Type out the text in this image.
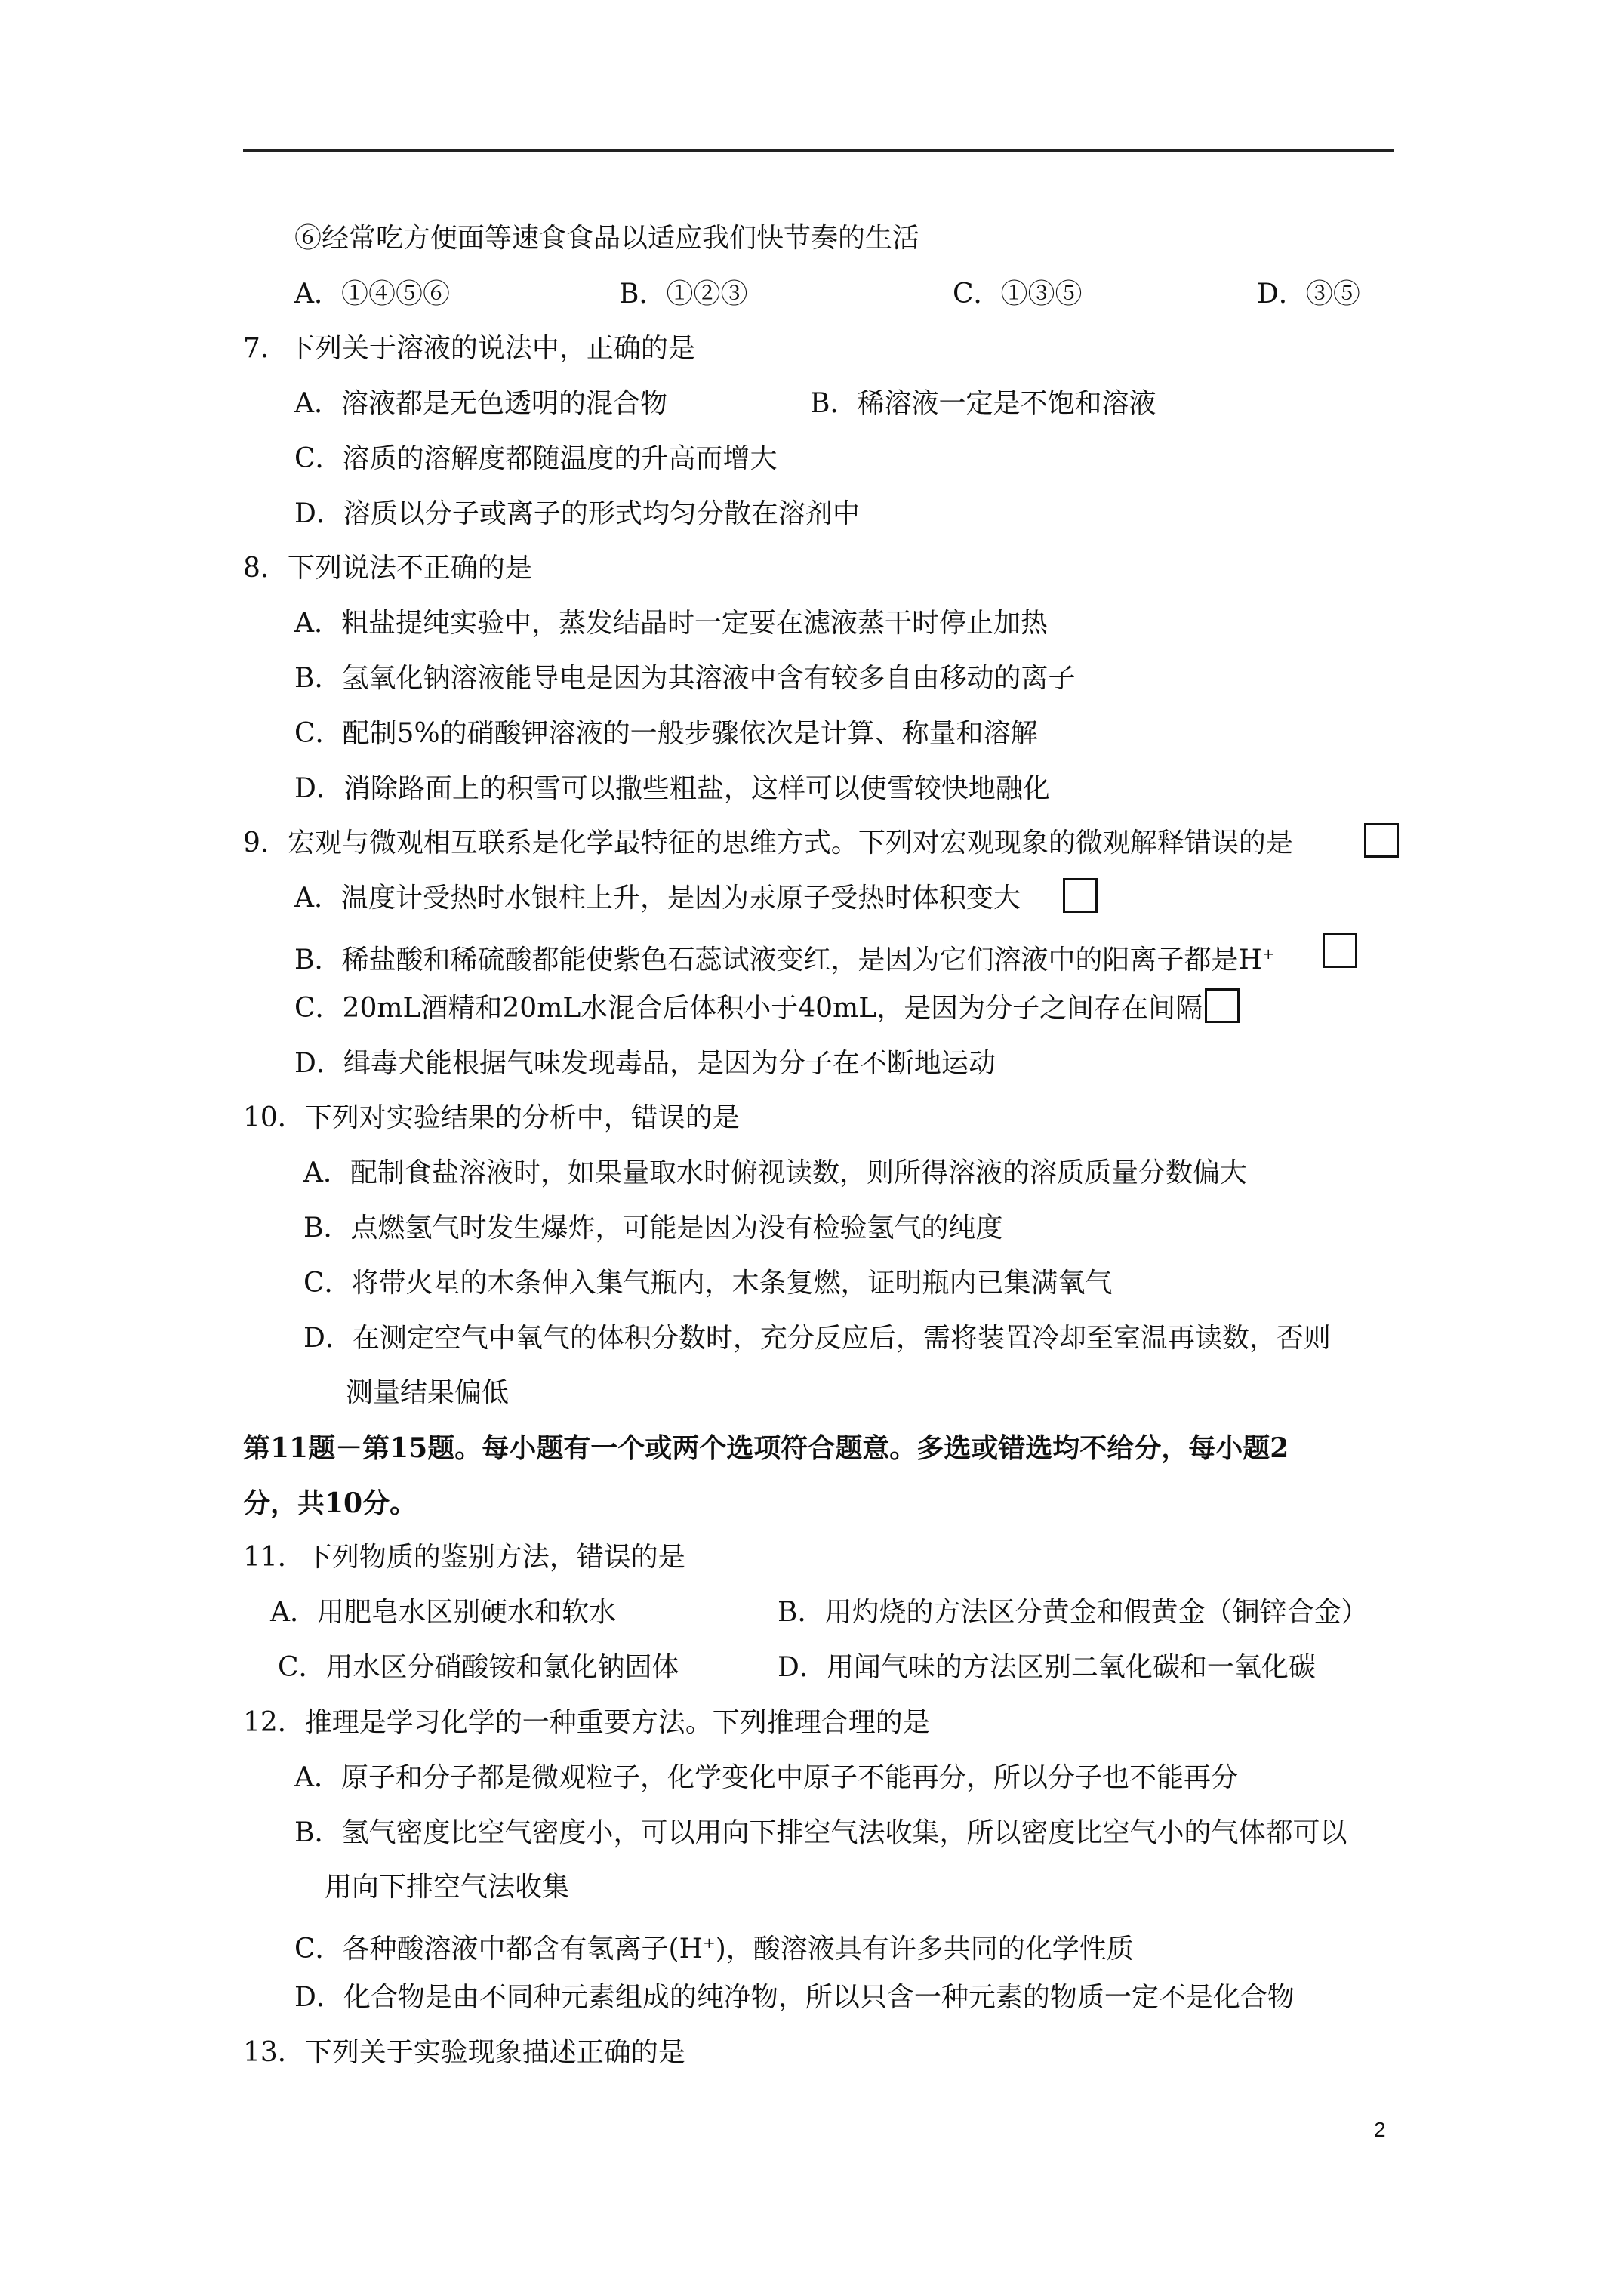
⑥经常吃方便面等速食食品以适应我们快节奏的生活
A．①④⑤⑥	B．①②③	C．①③⑤	D．③⑤
7．下列关于溶液的说法中，正确的是
A．溶液都是无色透明的混合物	B．稀溶液一定是不饱和溶液
C．溶质的溶解度都随温度的升高而增大
D．溶质以分子或离子的形式均匀分散在溶剂中
8．下列说法不正确的是
A．粗盐提纯实验中，蒸发结晶时一定要在滤液蒸干时停止加热
B．氢氧化钠溶液能导电是因为其溶液中含有较多自由移动的离子
C．配制5%的硝酸钾溶液的一般步骤依次是计算、称量和溶解
D．消除路面上的积雪可以撒些粗盐，这样可以使雪较快地融化
9．宏观与微观相互联系是化学最特征的思维方式。下列对宏观现象的微观解释错误的是
A．温度计受热时水银柱上升，是因为汞原子受热时体积变大
B．稀盐酸和稀硫酸都能使紫色石蕊试液变红，是因为它们溶液中的阳离子都是H+
C．20mL酒精和20mL水混合后体积小于40mL，是因为分子之间存在间隔
D．缉毒犬能根据气味发现毒品，是因为分子在不断地运动
10．下列对实验结果的分析中，错误的是
A．配制食盐溶液时，如果量取水时俯视读数，则所得溶液的溶质质量分数偏大
B．点燃氢气时发生爆炸，可能是因为没有检验氢气的纯度
C．将带火星的木条伸入集气瓶内，木条复燃，证明瓶内已集满氧气
D．在测定空气中氧气的体积分数时，充分反应后，需将装置冷却至室温再读数，否则
测量结果偏低
第11题－第15题。每小题有一个或两个选项符合题意。多选或错选均不给分，每小题2
分，共10分。
11．下列物质的鉴别方法，错误的是
A．用肥皂水区别硬水和软水	B．用灼烧的方法区分黄金和假黄金（铜锌合金）
C．用水区分硝酸铵和氯化钠固体	D．用闻气味的方法区别二氧化碳和一氧化碳
12．推理是学习化学的一种重要方法。下列推理合理的是
A．原子和分子都是微观粒子，化学变化中原子不能再分，所以分子也不能再分
B．氢气密度比空气密度小，可以用向下排空气法收集，所以密度比空气小的气体都可以
用向下排空气法收集
C．各种酸溶液中都含有氢离子(H+)，酸溶液具有许多共同的化学性质
D．化合物是由不同种元素组成的纯净物，所以只含一种元素的物质一定不是化合物
13．下列关于实验现象描述正确的是
2
